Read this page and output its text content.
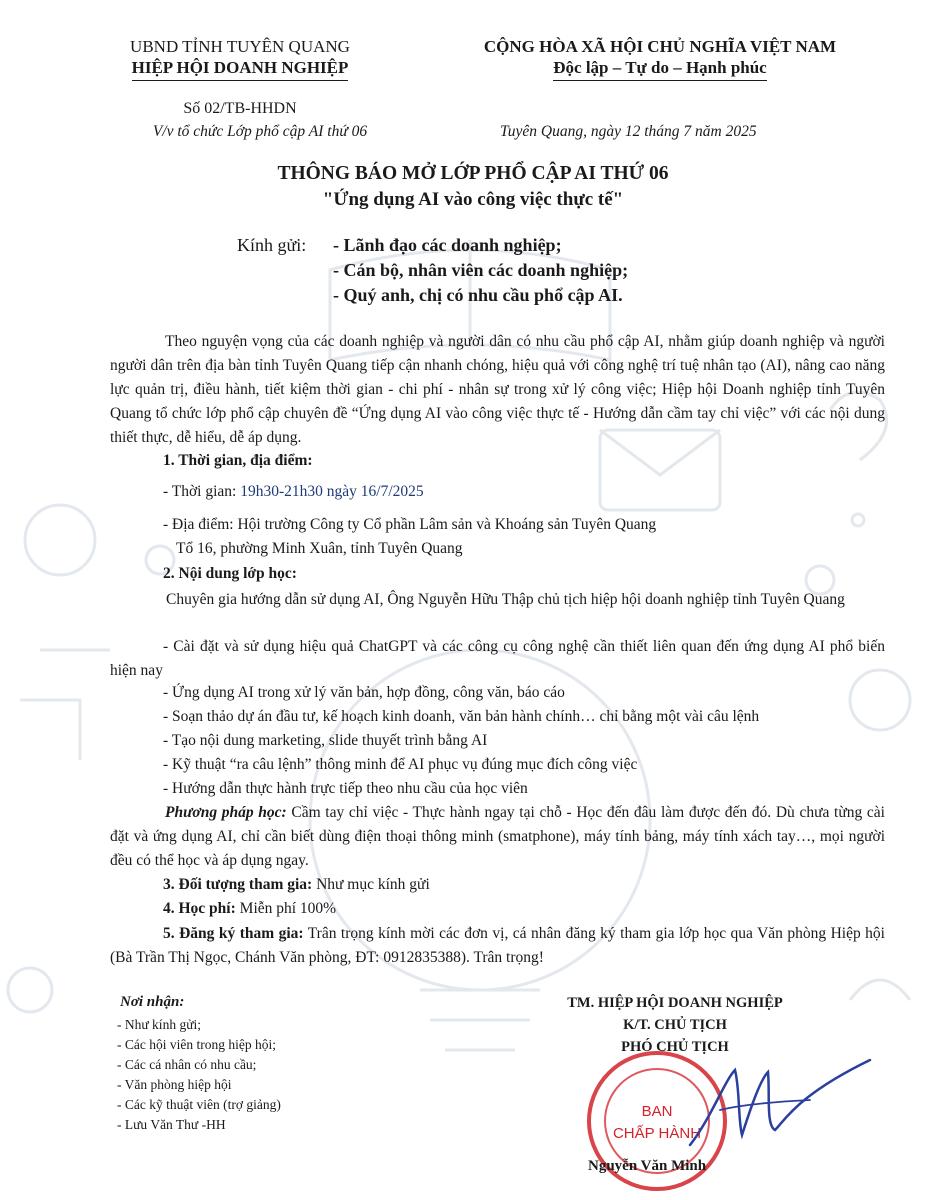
UBND TỈNH TUYÊN QUANG
HIỆP HỘI DOANH NGHIỆP
CỘNG HÒA XÃ HỘI CHỦ NGHĨA VIỆT NAM
Độc lập – Tự do – Hạnh phúc
Số 02/TB-HHDN
V/v tổ chức Lớp phổ cập AI thứ 06	Tuyên Quang, ngày 12 tháng 7 năm 2025
THÔNG BÁO MỞ LỚP PHỔ CẬP AI THỨ 06
"Ứng dụng AI vào công việc thực tế"
Kính gửi: - Lãnh đạo các doanh nghiệp;
- Cán bộ, nhân viên các doanh nghiệp;
- Quý anh, chị có nhu cầu phổ cập AI.
Theo nguyện vọng của các doanh nghiệp và người dân có nhu cầu phổ cập AI, nhằm giúp doanh nghiệp và người người dân trên địa bàn tỉnh Tuyên Quang tiếp cận nhanh chóng, hiệu quả với công nghệ trí tuệ nhân tạo (AI), nâng cao năng lực quản trị, điều hành, tiết kiệm thời gian - chi phí - nhân sự trong xử lý công việc; Hiệp hội Doanh nghiệp tỉnh Tuyên Quang tổ chức lớp phổ cập chuyên đề “Ứng dụng AI vào công việc thực tế - Hướng dẫn cầm tay chỉ việc” với các nội dung thiết thực, dễ hiểu, dễ áp dụng.
1. Thời gian, địa điểm:
- Thời gian: 19h30-21h30 ngày 16/7/2025
- Địa điểm: Hội trường Công ty Cổ phần Lâm sản và Khoáng sản Tuyên Quang
Tổ 16, phường Minh Xuân, tỉnh Tuyên Quang
2. Nội dung lớp học:
Chuyên gia hướng dẫn sử dụng AI, Ông Nguyễn Hữu Thập chủ tịch hiệp hội doanh nghiệp tỉnh Tuyên Quang
- Cài đặt và sử dụng hiệu quả ChatGPT và các công cụ công nghệ cần thiết liên quan đến ứng dụng AI phổ biến hiện nay
- Ứng dụng AI trong xử lý văn bản, hợp đồng, công văn, báo cáo
- Soạn thảo dự án đầu tư, kế hoạch kinh doanh, văn bản hành chính… chỉ bằng một vài câu lệnh
- Tạo nội dung marketing, slide thuyết trình bằng AI
- Kỹ thuật “ra câu lệnh” thông minh để AI phục vụ đúng mục đích công việc
- Hướng dẫn thực hành trực tiếp theo nhu cầu của học viên
Phương pháp học: Cầm tay chỉ việc - Thực hành ngay tại chỗ - Học đến đâu làm được đến đó. Dù chưa từng cài đặt và ứng dụng AI, chỉ cần biết dùng điện thoại thông minh (smatphone), máy tính bảng, máy tính xách tay…, mọi người đều có thể học và áp dụng ngay.
3. Đối tượng tham gia: Như mục kính gửi
4. Học phí: Miễn phí 100%
5. Đăng ký tham gia: Trân trọng kính mời các đơn vị, cá nhân đăng ký tham gia lớp học qua Văn phòng Hiệp hội (Bà Trần Thị Ngọc, Chánh Văn phòng, ĐT: 0912835388). Trân trọng!
Nơi nhận:
- Như kính gửi;
- Các hội viên trong hiệp hội;
- Các cá nhân có nhu cầu;
- Văn phòng hiệp hội
- Các kỹ thuật viên (trợ giảng)
- Lưu Văn Thư -HH
TM. HIỆP HỘI DOANH NGHIỆP
K/T. CHỦ TỊCH
PHÓ CHỦ TỊCH
BAN
CHẤP HÀNH
Nguyễn Văn Minh
